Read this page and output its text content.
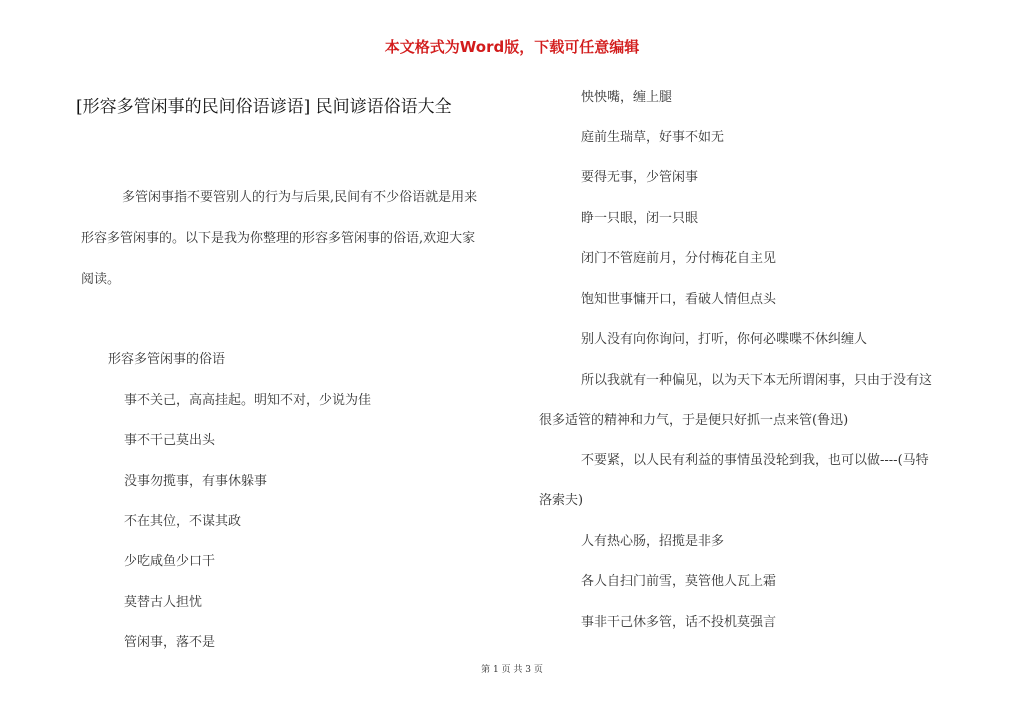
本文格式为Word版，下载可任意编辑
[形容多管闲事的民间俗语谚语] 民间谚语俗语大全
多管闲事指不要管别人的行为与后果,民间有不少俗语就是用来
形容多管闲事的。以下是我为你整理的形容多管闲事的俗语,欢迎大家
阅读。
形容多管闲事的俗语
事不关己，高高挂起。明知不对，少说为佳
事不干己莫出头
没事勿揽事，有事休躲事
不在其位，不谋其政
少吃咸鱼少口干
莫替古人担忧
管闲事，落不是
怏怏嘴，缠上腿
庭前生瑞草，好事不如无
要得无事，少管闲事
睁一只眼，闭一只眼
闭门不管庭前月，分付梅花自主见
饱知世事慵开口，看破人情但点头
别人没有向你询问，打听，你何必喋喋不休纠缠人
所以我就有一种偏见，以为天下本无所谓闲事，只由于没有这
很多适管的精神和力气，于是便只好抓一点来管(鲁迅)
不要紧，以人民有利益的事情虽没轮到我，也可以做----(马特
洛索夫)
人有热心肠，招揽是非多
各人自扫门前雪，莫管他人瓦上霜
事非干己休多管，话不投机莫强言
第 1 页 共 3 页
